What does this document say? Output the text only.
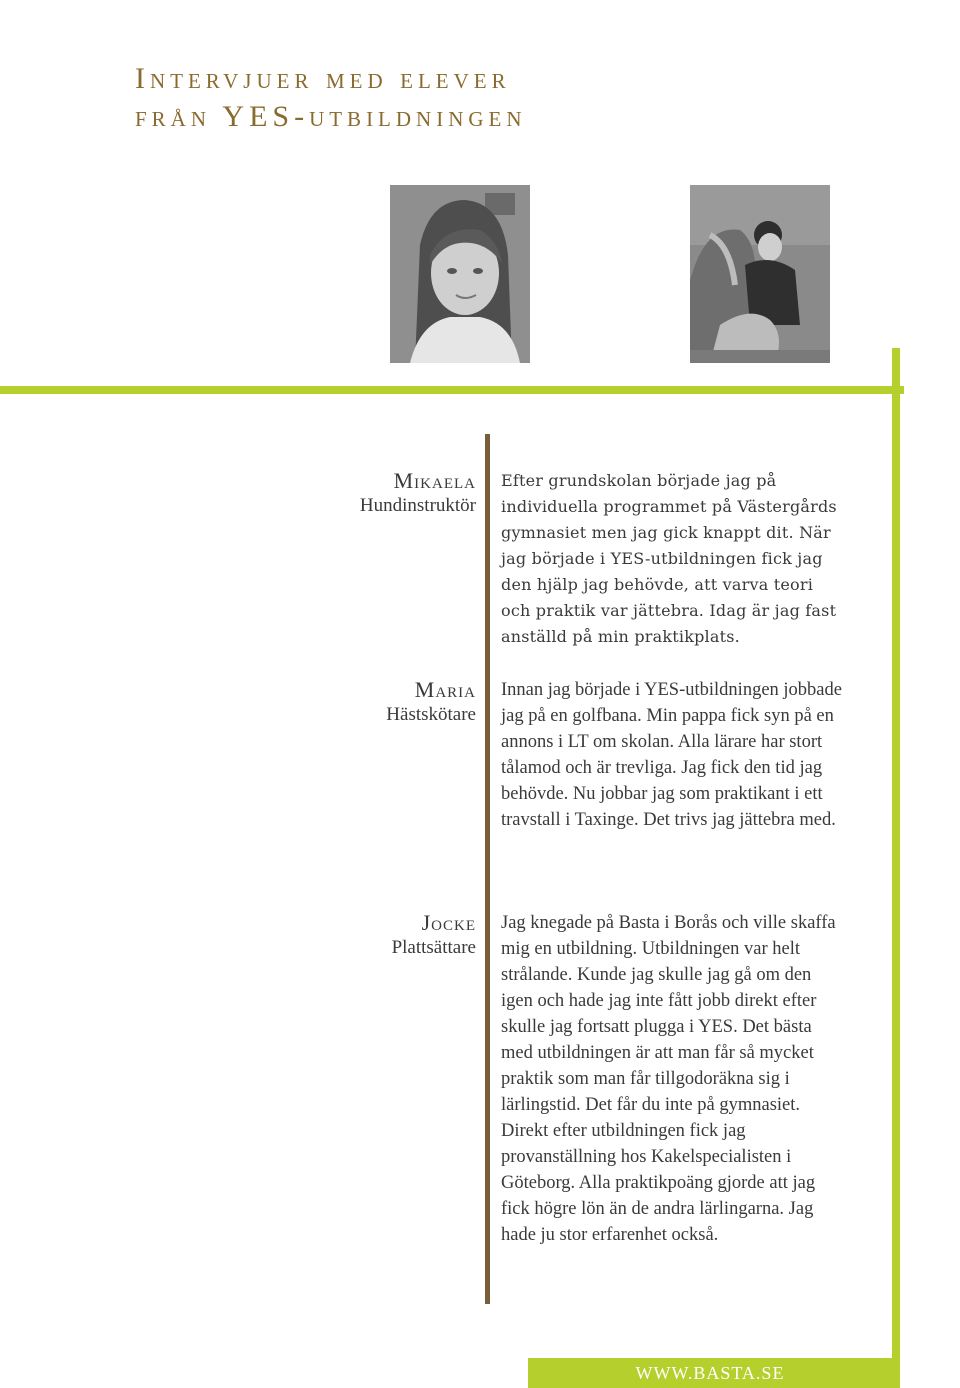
Intervjuer med elever
från YES-utbildningen
Mikaela
Hundinstruktör

Efter grundskolan började jag på individuella programmet på Västergårds gymnasiet men jag gick knappt dit. När jag började i YES-utbildningen fick jag den hjälp jag behövde, att varva teori och praktik var jättebra. Idag är jag fast anställd på min praktikplats.

Maria
Hästskötare

Innan jag började i YES-utbildningen jobbade jag på en golfbana. Min pappa fick syn på en annons i LT om skolan. Alla lärare har stort tålamod och är trevliga. Jag fick den tid jag behövde. Nu jobbar jag som praktikant i ett travstall i Taxinge. Det trivs jag jättebra med.

Jocke
Plattsättare

Jag knegade på Basta i Borås och ville skaffa mig en utbildning. Utbildningen var helt strålande. Kunde jag skulle jag gå om den igen och hade jag inte fått jobb direkt efter skulle jag fortsatt plugga i YES. Det bästa med utbildningen är att man får så mycket praktik som man får tillgodoräkna sig i lärlingstid. Det får du inte på gymnasiet. Direkt efter utbildningen fick jag provanställning hos Kakelspecialisten i Göteborg. Alla praktikpoäng gjorde att jag fick högre lön än de andra lärlingarna. Jag hade ju stor erfarenhet också.

WWW.BASTA.SE
